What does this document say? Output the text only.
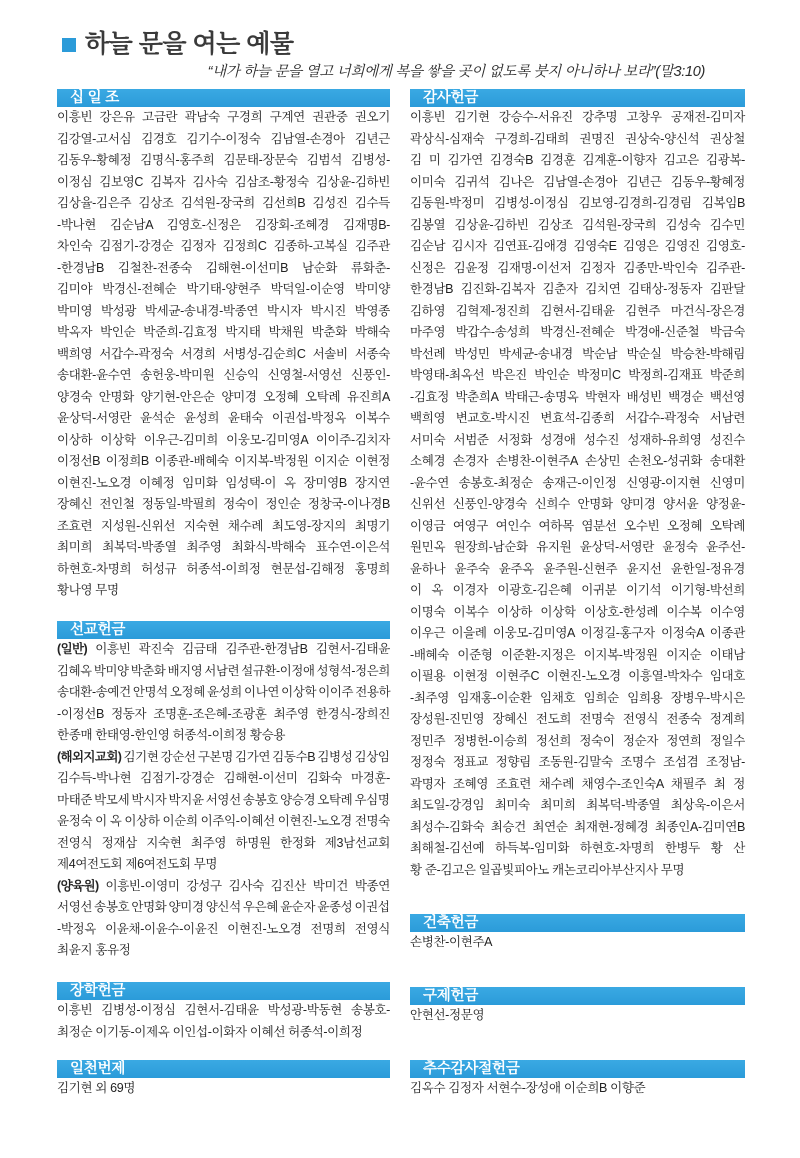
하늘 문을 여는 예물
“내가 하늘 문을 열고 너희에게 복을 쌓을 곳이 없도록 붓지 아니하나 보라”(말3:10)
십 일 조
이흥빈 강은유 고금란 곽남숙 구경희 구계연 권관중 권오기
김강열-고서심 김경호 김기수-이정숙 김남열-손경아 김년근
김동우-황혜정 김명식-홍주희 김문태-장문숙 김범석 김병성-
이정심 김보영C 김복자 김사숙 김삼조-황정숙 김상윤-김하빈
김상율-김은주 김상조 김석원-장국희 김선희B 김성진 김수득
-박나현 김순남A 김영호-신정은 김장회-조혜경 김재명B-
차인숙 김점기-강경순 김정자 김정희C 김종하-고복실 김주관
-한경남B 김철찬-전종숙 김해현-이선미B 남순화 류화춘-
김미야 박경신-전혜순 박기태-양현주 박덕일-이순영 박미양
박미영 박성광 박세균-송내경-박종연 박시자 박시진 박영종
박옥자 박인순 박준희-김효정 박지태 박채원 박춘화 박해숙
백희영 서갑수-곽정숙 서경희 서병성-김순희C 서솔비 서종숙
송대환-윤수연 송헌웅-박미원 신승익 신영철-서영선 신풍인-
양경숙 안명화 양기현-안은순 양미경 오정혜 오탁례 유진희A
윤상덕-서영란 윤석순 윤성희 윤태숙 이권섭-박정옥 이복수
이상하 이상학 이우근-김미희 이웅모-김미영A 이이주-김치자
이정선B 이정희B 이종관-배혜숙 이지복-박정원 이지순 이현정
이현진-노오경 이혜정 임미화 임성택-이 옥 장미영B 장지연
장혜신 전인철 정동일-박필희 정숙이 정인순 정창국-이나경B
조효련 지성원-신위선 지숙현 채수례 최도영-장지의 최명기
최미희 최복덕-박종열 최주영 최화식-박해숙 표수연-이은석
하현호-차명희 허성규 허종석-이희정 현문섭-김해정 홍명희
황나영 무명
선교헌금
(일반) 이흥빈 곽진숙 김금태 김주관-한경남B 김현서-김태윤
김혜옥 박미양 박춘화 배지영 서남련 설규환-이정애 성형석-정은희
송대환-송예건 안명석 오정혜 윤성희 이나연 이상학 이이주 전용하
-이정선B 정동자 조명훈-조은혜-조광훈 최주영 한경식-장희진
한종매 한태영-한인영 허종석-이희정 황승용
(해외지교회) 김기현 강순선 구본명 김가연 김동수B 김병성 김상임
김수득-박나현 김점기-강경순 김해현-이선미 김화숙 마경훈-
마태준 박모세 박시자 박지윤 서영선 송봉호 양승경 오탁례 우심명
윤정숙 이 옥 이상하 이순희 이주익-이혜선 이현진-노오경 전명숙
전영식 정재삼 지숙현 최주영 하명원 한정화 제3남선교회
제4여전도회 제6여전도회 무명
(양육원) 이흥빈-이영미 강성구 김사숙 김진산 박미건 박종연
서영선 송봉호 안명화 양미경 양신석 우은혜 윤순자 윤종성 이권섭
-박정옥 이윤채-이윤수-이윤진 이현진-노오경 전명희 전영식
최윤지 홍유정
장학헌금
이흥빈 김병성-이정심 김현서-김태윤 박성광-박동현 송봉호-
최정순 이기동-이제옥 이인섭-이화자 이혜선 허종석-이희정
일천번제
김기현 외 69명
감사헌금
이흥빈 김기현 강승수-서유진 강추명 고창우 공재전-김미자
곽상식-심재숙 구경희-김태희 권명진 권상숙-양신석 권상철
김 미 김가연 김경숙B 김경훈 김계훈-이향자 김고은 김광복-
이미숙 김귀석 김나은 김남열-손경아 김년근 김동우-황혜정
김동원-박정미 김병성-이정심 김보영-김경희-김경림 김복임B
김봉열 김상윤-김하빈 김상조 김석원-장국희 김성숙 김수민
김순남 김시자 김연표-김애경 김영숙E 김영은 김영진 김영호-
신정은 김윤정 김재명-이선저 김정자 김종만-박인숙 김주관-
한경남B 김진화-김복자 김춘자 김치연 김태상-정동자 김판달
김하영 김혁제-정진희 김현서-김태윤 김현주 마건식-장은경
마주영 박갑수-송성희 박경신-전혜순 박경애-신준철 박금숙
박선례 박성민 박세균-송내경 박순남 박순실 박승찬-박해림
박영태-최옥선 박은진 박인순 박정미C 박정희-김재표 박준희
-김효정 박춘희A 박태근-송명옥 박현자 배성빈 백경순 백선영
백희영 변교호-박시진 변효석-김종희 서갑수-곽정숙 서남련
서미숙 서범준 서정화 성경애 성수진 성재하-유희영 성진수
소혜경 손경자 손병찬-이현주A 손상민 손천오-성귀화 송대환
-윤수연 송봉호-최정순 송재근-이인정 신영광-이지현 신영미
신위선 신풍인-양경숙 신희수 안명화 양미경 양서윤 양정윤-
이영금 여영구 여인수 여하목 염분선 오수빈 오정혜 오탁례
원민옥 원장희-남순화 유지원 윤상덕-서영란 윤정숙 윤주선-
윤하나 윤주숙 윤주옥 윤주원-신현주 윤지선 윤한일-정유경
이 옥 이경자 이광호-김은혜 이귀분 이기석 이기형-박선희
이명숙 이복수 이상하 이상학 이상호-한성례 이수복 이수영
이우근 이을례 이웅모-김미영A 이정길-홍구자 이정숙A 이종관
-배혜숙 이준형 이준환-지정은 이지복-박정원 이지순 이태남
이필용 이현정 이현주C 이현진-노오경 이흥열-박차수 임대호
-최주영 임재홍-이순환 임채호 임희순 임희용 장병우-박시은
장성원-진민영 장혜신 전도희 전명숙 전영식 전종숙 정계희
정민주 정병헌-이승희 정선희 정숙이 정순자 정연희 정일수
정정숙 정표교 정향림 조동원-김말숙 조명수 조섬겸 조정남-
곽명자 조혜영 조효련 채수례 채영수-조인숙A 채필주 최 정
최도일-강경임 최미숙 최미희 최복덕-박종열 최상욱-이은서
최성수-김화숙 최승건 최연순 최재현-정혜경 최종인A-김미연B
최해철-김선예 하득복-임미화 하현호-차명희 한병두 황 산
황 준-김고은 일곱빛피아노 캐논코리아부산지사 무명
건축헌금
손병찬-이현주A
구제헌금
안현선-정문영
추수감사절헌금
김옥수 김정자 서현수-장성애 이순희B 이향준
